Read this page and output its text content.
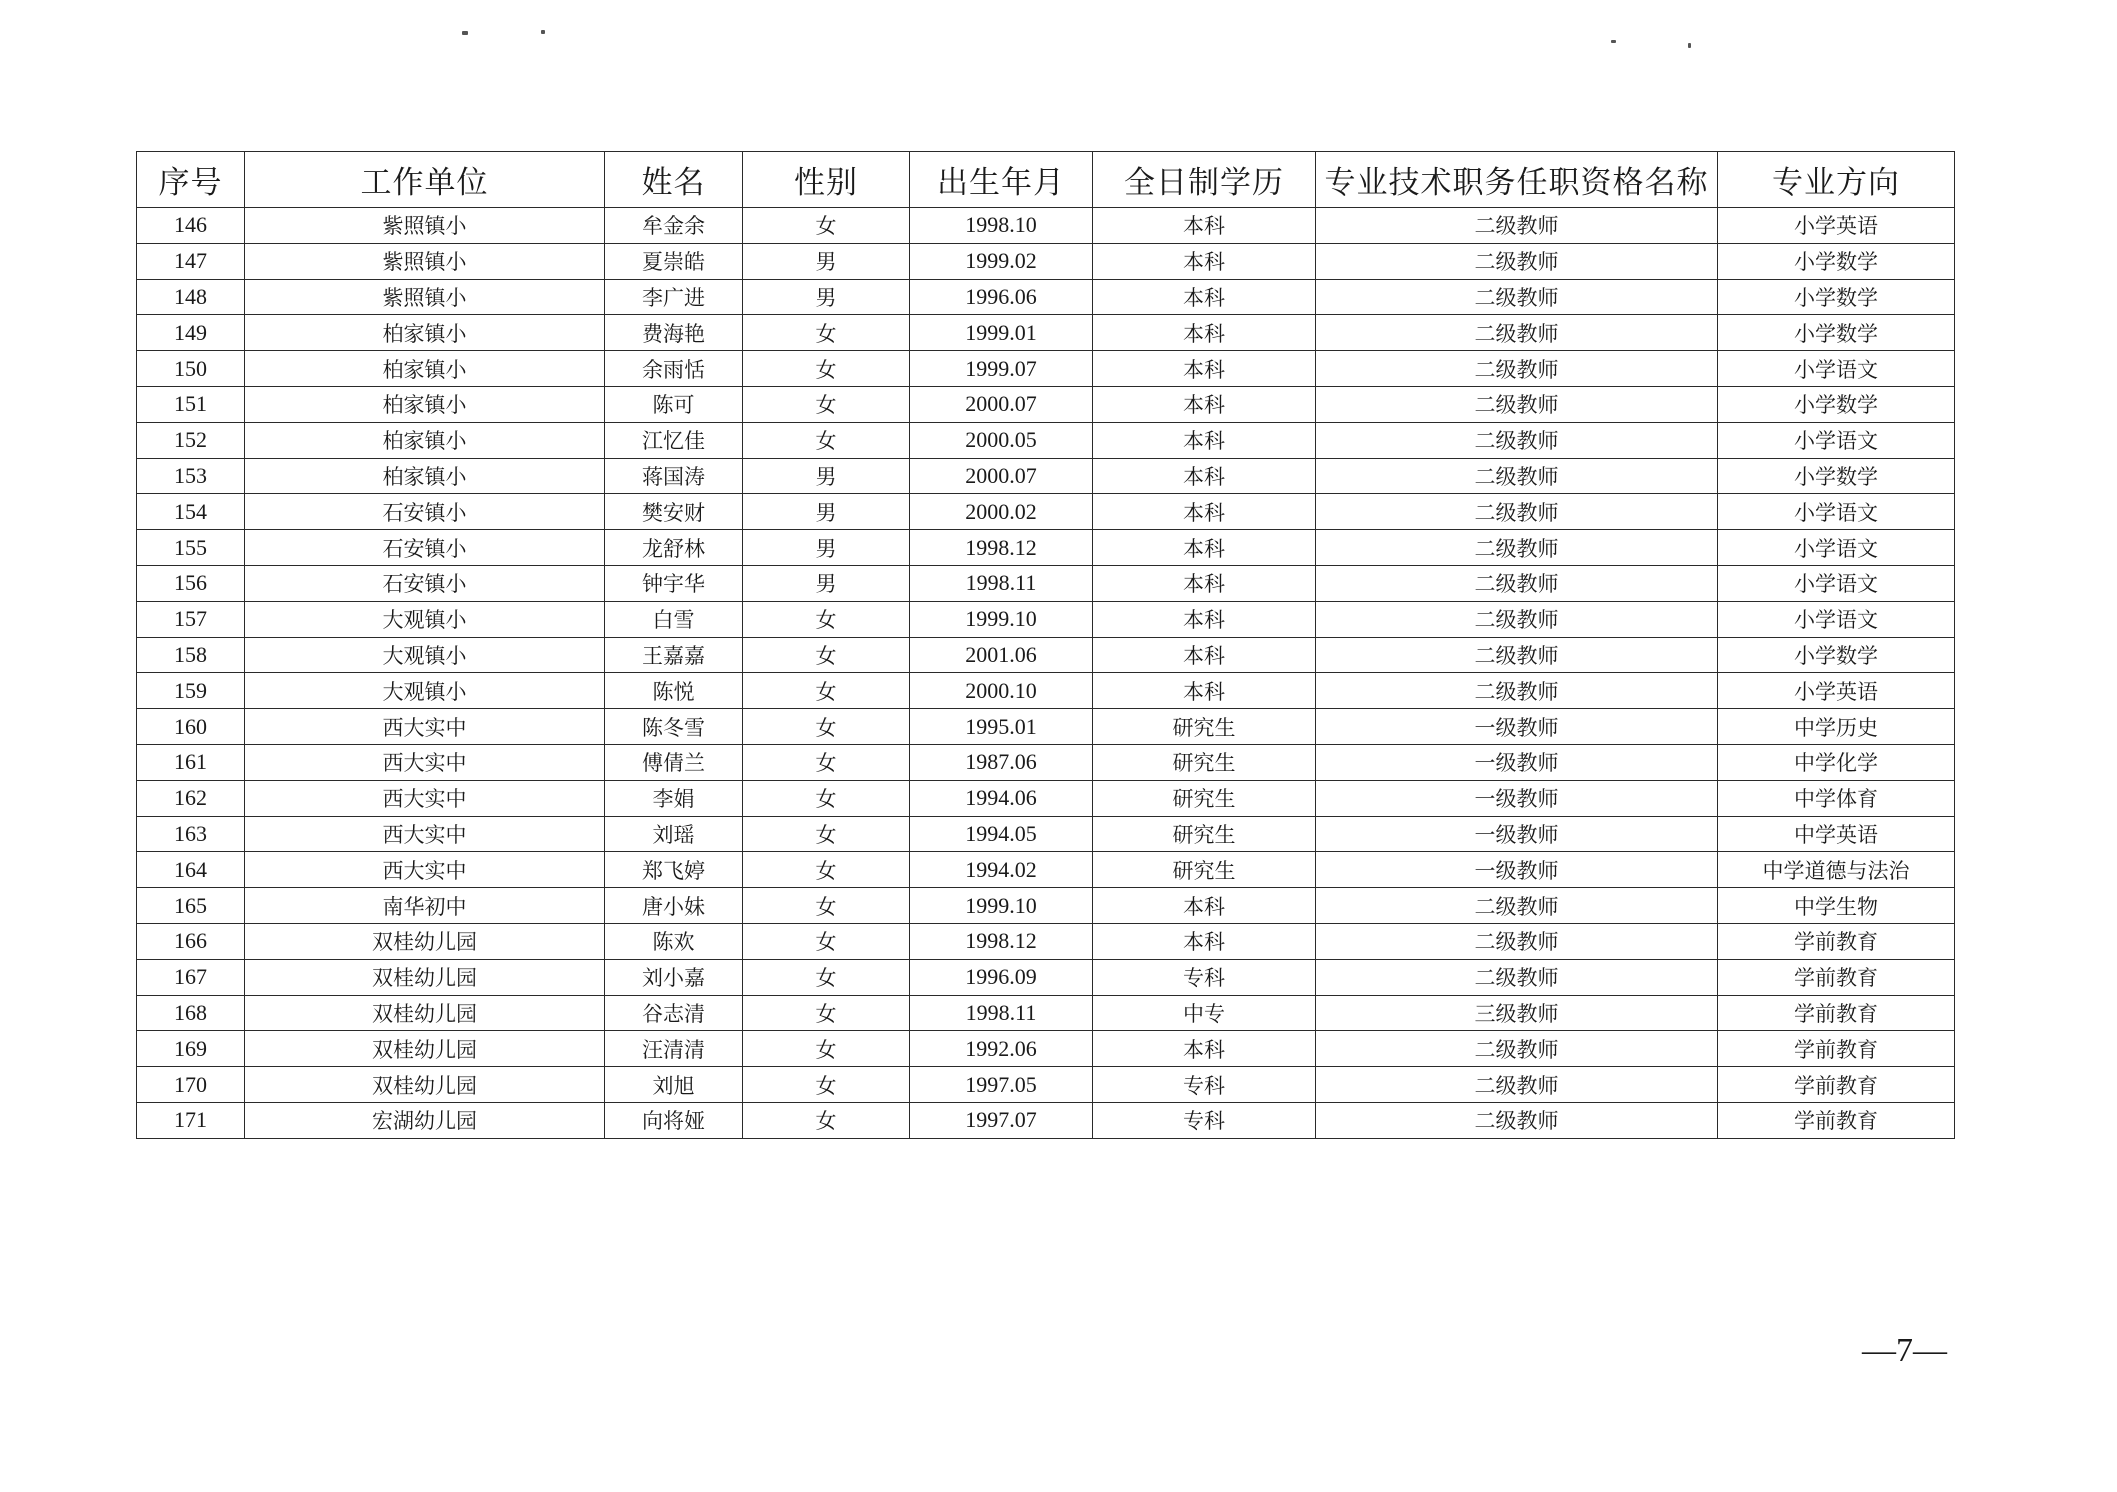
序号	工作单位	姓名	性别	出生年月	全日制学历	专业技术职务任职资格名称	专业方向
146	紫照镇小	牟金余	女	1998.10	本科	二级教师	小学英语
147	紫照镇小	夏崇皓	男	1999.02	本科	二级教师	小学数学
148	紫照镇小	李广进	男	1996.06	本科	二级教师	小学数学
149	柏家镇小	费海艳	女	1999.01	本科	二级教师	小学数学
150	柏家镇小	余雨恬	女	1999.07	本科	二级教师	小学语文
151	柏家镇小	陈可	女	2000.07	本科	二级教师	小学数学
152	柏家镇小	江忆佳	女	2000.05	本科	二级教师	小学语文
153	柏家镇小	蒋国涛	男	2000.07	本科	二级教师	小学数学
154	石安镇小	樊安财	男	2000.02	本科	二级教师	小学语文
155	石安镇小	龙舒林	男	1998.12	本科	二级教师	小学语文
156	石安镇小	钟宇华	男	1998.11	本科	二级教师	小学语文
157	大观镇小	白雪	女	1999.10	本科	二级教师	小学语文
158	大观镇小	王嘉嘉	女	2001.06	本科	二级教师	小学数学
159	大观镇小	陈悦	女	2000.10	本科	二级教师	小学英语
160	西大实中	陈冬雪	女	1995.01	研究生	一级教师	中学历史
161	西大实中	傅倩兰	女	1987.06	研究生	一级教师	中学化学
162	西大实中	李娟	女	1994.06	研究生	一级教师	中学体育
163	西大实中	刘瑶	女	1994.05	研究生	一级教师	中学英语
164	西大实中	郑飞婷	女	1994.02	研究生	一级教师	中学道德与法治
165	南华初中	唐小妹	女	1999.10	本科	二级教师	中学生物
166	双桂幼儿园	陈欢	女	1998.12	本科	二级教师	学前教育
167	双桂幼儿园	刘小嘉	女	1996.09	专科	二级教师	学前教育
168	双桂幼儿园	谷志清	女	1998.11	中专	三级教师	学前教育
169	双桂幼儿园	汪清清	女	1992.06	本科	二级教师	学前教育
170	双桂幼儿园	刘旭	女	1997.05	专科	二级教师	学前教育
171	宏湖幼儿园	向将娅	女	1997.07	专科	二级教师	学前教育
—7—
